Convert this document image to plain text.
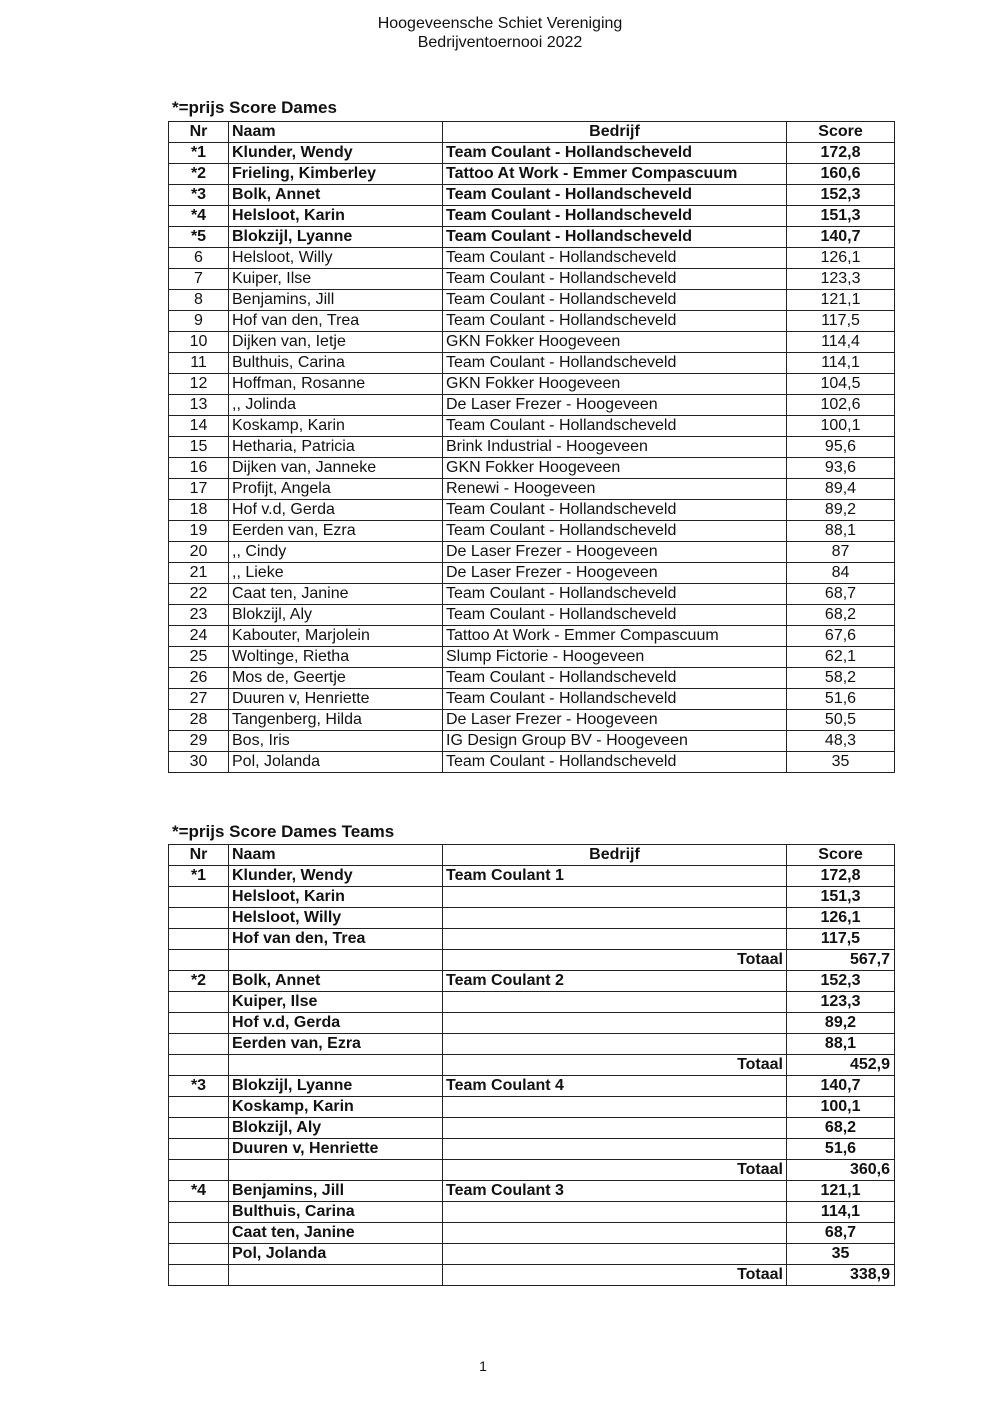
Hoogeveensche Schiet Vereniging
Bedrijventoernooi 2022
*=prijs Score Dames
Nr	Naam	Bedrijf	Score
*1	Klunder, Wendy	Team Coulant - Hollandscheveld	172,8
*2	Frieling, Kimberley	Tattoo At Work - Emmer Compascuum	160,6
*3	Bolk, Annet	Team Coulant - Hollandscheveld	152,3
*4	Helsloot, Karin	Team Coulant - Hollandscheveld	151,3
*5	Blokzijl, Lyanne	Team Coulant - Hollandscheveld	140,7
6	Helsloot, Willy	Team Coulant - Hollandscheveld	126,1
7	Kuiper, Ilse	Team Coulant - Hollandscheveld	123,3
8	Benjamins, Jill	Team Coulant - Hollandscheveld	121,1
9	Hof van den, Trea	Team Coulant - Hollandscheveld	117,5
10	Dijken van, Ietje	GKN Fokker Hoogeveen	114,4
11	Bulthuis, Carina	Team Coulant - Hollandscheveld	114,1
12	Hoffman, Rosanne	GKN Fokker Hoogeveen	104,5
13	,, Jolinda	De Laser Frezer - Hoogeveen	102,6
14	Koskamp, Karin	Team Coulant - Hollandscheveld	100,1
15	Hetharia, Patricia	Brink Industrial - Hoogeveen	95,6
16	Dijken van, Janneke	GKN Fokker Hoogeveen	93,6
17	Profijt, Angela	Renewi - Hoogeveen	89,4
18	Hof v.d, Gerda	Team Coulant - Hollandscheveld	89,2
19	Eerden van, Ezra	Team Coulant - Hollandscheveld	88,1
20	,, Cindy	De Laser Frezer - Hoogeveen	87
21	,, Lieke	De Laser Frezer - Hoogeveen	84
22	Caat ten, Janine	Team Coulant - Hollandscheveld	68,7
23	Blokzijl, Aly	Team Coulant - Hollandscheveld	68,2
24	Kabouter, Marjolein	Tattoo At Work - Emmer Compascuum	67,6
25	Woltinge, Rietha	Slump Fictorie - Hoogeveen	62,1
26	Mos de, Geertje	Team Coulant - Hollandscheveld	58,2
27	Duuren v, Henriette	Team Coulant - Hollandscheveld	51,6
28	Tangenberg, Hilda	De Laser Frezer - Hoogeveen	50,5
29	Bos, Iris	IG Design Group BV - Hoogeveen	48,3
30	Pol, Jolanda	Team Coulant - Hollandscheveld	35
*=prijs Score Dames Teams
Nr	Naam	Bedrijf	Score
*1	Klunder, Wendy	Team Coulant 1	172,8
	Helsloot, Karin		151,3
	Helsloot, Willy		126,1
	Hof van den, Trea		117,5
		Totaal	567,7
*2	Bolk, Annet	Team Coulant 2	152,3
	Kuiper, Ilse		123,3
	Hof v.d, Gerda		89,2
	Eerden van, Ezra		88,1
		Totaal	452,9
*3	Blokzijl, Lyanne	Team Coulant 4	140,7
	Koskamp, Karin		100,1
	Blokzijl, Aly		68,2
	Duuren v, Henriette		51,6
		Totaal	360,6
*4	Benjamins, Jill	Team Coulant 3	121,1
	Bulthuis, Carina		114,1
	Caat ten, Janine		68,7
	Pol, Jolanda		35
		Totaal	338,9
1
